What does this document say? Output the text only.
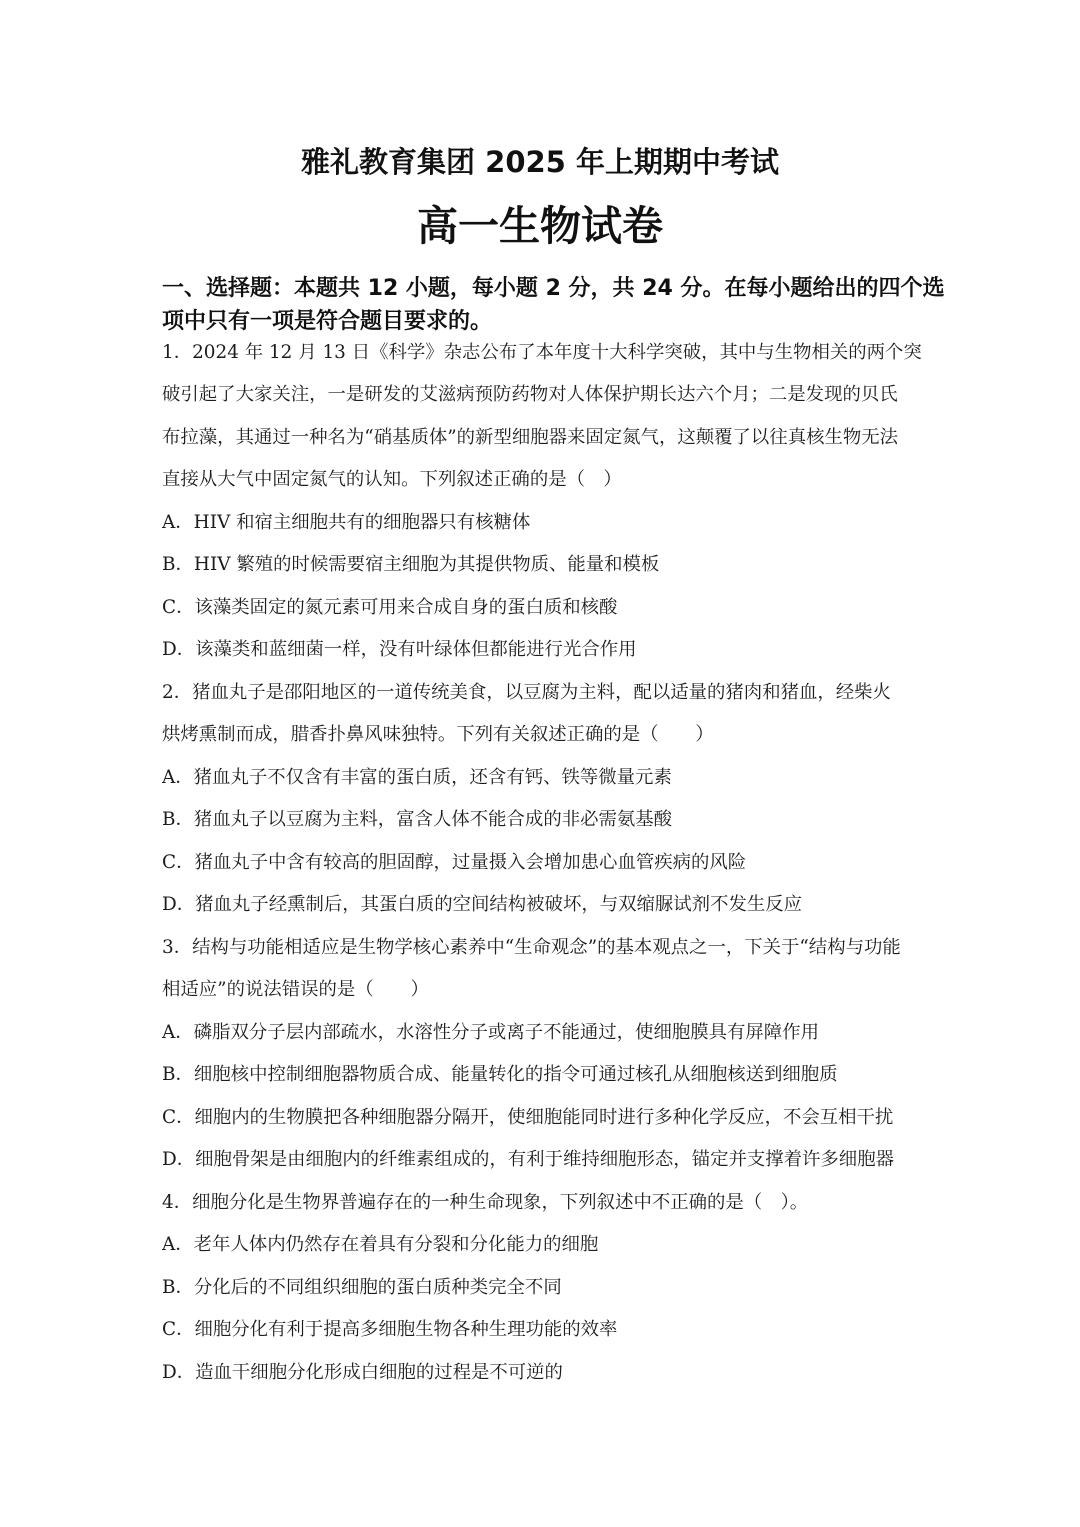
雅礼教育集团 2025 年上期期中考试
高一生物试卷
一、选择题：本题共 12 小题，每小题 2 分，共 24 分。在每小题给出的四个选
项中只有一项是符合题目要求的。
1．2024 年 12 月 13 日《科学》杂志公布了本年度十大科学突破，其中与生物相关的两个突
破引起了大家关注，一是研发的艾滋病预防药物对人体保护期长达六个月；二是发现的贝氏
布拉藻，其通过一种名为“硝基质体”的新型细胞器来固定氮气，这颠覆了以往真核生物无法
直接从大气中固定氮气的认知。下列叙述正确的是（　）
A．HIV 和宿主细胞共有的细胞器只有核糖体
B．HIV 繁殖的时候需要宿主细胞为其提供物质、能量和模板
C．该藻类固定的氮元素可用来合成自身的蛋白质和核酸
D．该藻类和蓝细菌一样，没有叶绿体但都能进行光合作用
2．猪血丸子是邵阳地区的一道传统美食，以豆腐为主料，配以适量的猪肉和猪血，经柴火
烘烤熏制而成，腊香扑鼻风味独特。下列有关叙述正确的是（　　）
A．猪血丸子不仅含有丰富的蛋白质，还含有钙、铁等微量元素
B．猪血丸子以豆腐为主料，富含人体不能合成的非必需氨基酸
C．猪血丸子中含有较高的胆固醇，过量摄入会增加患心血管疾病的风险
D．猪血丸子经熏制后，其蛋白质的空间结构被破坏，与双缩脲试剂不发生反应
3．结构与功能相适应是生物学核心素养中“生命观念”的基本观点之一，下关于“结构与功能
相适应”的说法错误的是（　　）
A．磷脂双分子层内部疏水，水溶性分子或离子不能通过，使细胞膜具有屏障作用
B．细胞核中控制细胞器物质合成、能量转化的指令可通过核孔从细胞核送到细胞质
C．细胞内的生物膜把各种细胞器分隔开，使细胞能同时进行多种化学反应，不会互相干扰
D．细胞骨架是由细胞内的纤维素组成的，有利于维持细胞形态，锚定并支撑着许多细胞器
4．细胞分化是生物界普遍存在的一种生命现象，下列叙述中不正确的是（　）。
A．老年人体内仍然存在着具有分裂和分化能力的细胞
B．分化后的不同组织细胞的蛋白质种类完全不同
C．细胞分化有利于提高多细胞生物各种生理功能的效率
D．造血干细胞分化形成白细胞的过程是不可逆的
